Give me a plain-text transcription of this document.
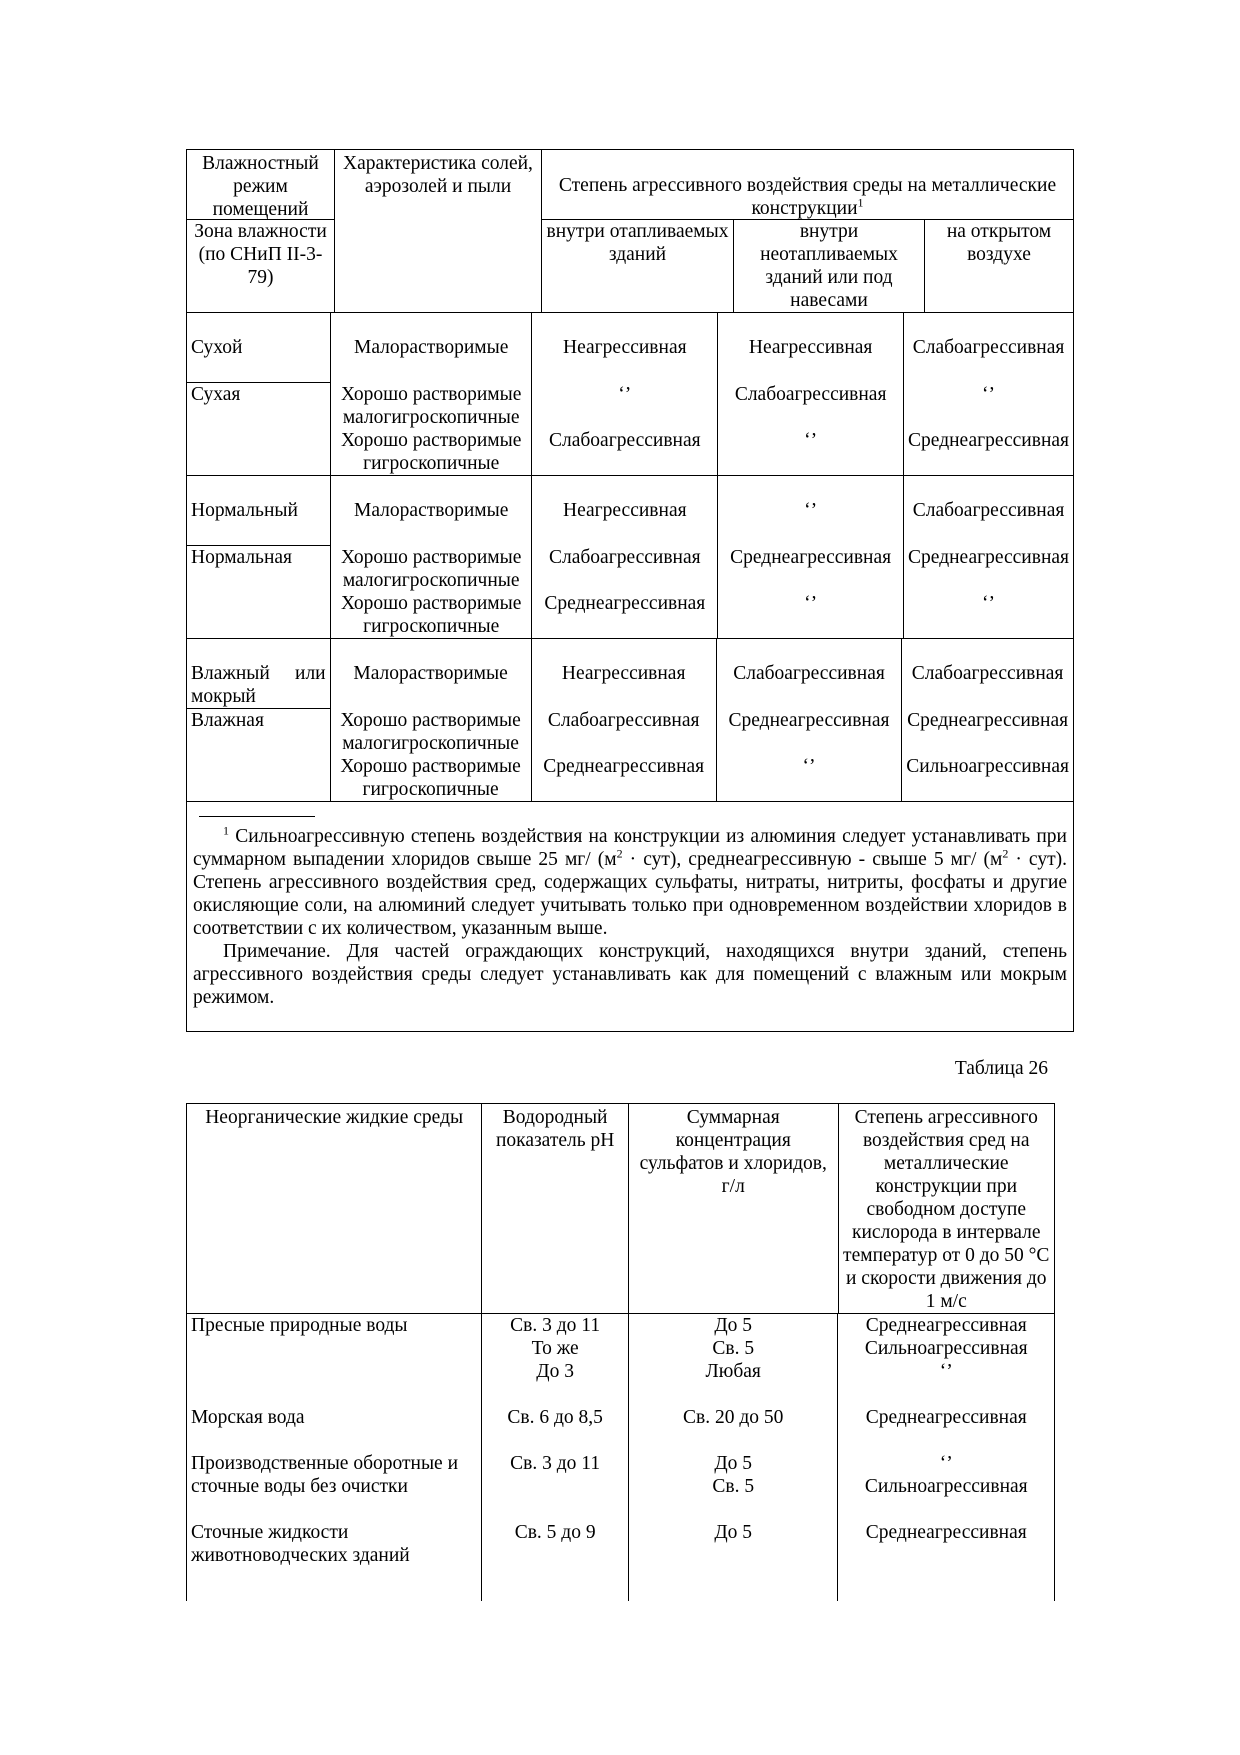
Влажностный режим помещений
Зона влажности (по СНиП II-3-79)
Характеристика солей, аэрозолей и пыли	Степень агрессивного воздействия среды на металлические конструкции$^1$
внутри отапливаемых зданий
внутри неотапливаемых зданий или под навесами
на открытом воздухе
Сухой
Сухая
Малорастворимые
Хорошо растворимые малогигроскопичные
Хорошо растворимые гигроскопичные
Неагрессивная
‘’
Слабоагрессивная
Неагрессивная
Слабоагрессивная
‘’
Слабоагрессивная
‘’
Среднеагрессивная
Нормальный
Нормальная
Малорастворимые
Хорошо растворимые малогигроскопичные
Хорошо растворимые гигроскопичные
Неагрессивная
Слабоагрессивная
Среднеагрессивная
‘’
Среднеагрессивная
‘’
Слабоагрессивная
Среднеагрессивная
‘’
Влажный или мокрый
Влажная
Малорастворимые
Хорошо растворимые малогигроскопичные
Хорошо растворимые гигроскопичные
Неагрессивная
Слабоагрессивная
Среднеагрессивная
Слабоагрессивная
Среднеагрессивная
‘’
Слабоагрессивная
Среднеагрессивная
Сильноагрессивная

$^1$ Сильноагрессивную степень воздействия на конструкции из алюминия следует устанавливать при суммарном выпадении хлоридов свыше 25 мг/ $(м^2 \cdot сут)$, среднеагрессивную - свыше 5 мг/ $(м^2 \cdot сут)$. Степень агрессивного воздействия сред, содержащих сульфаты, нитраты, нитриты, фосфаты и другие окисляющие соли, на алюминий следует учитывать только при одновременном воздействии хлоридов в соответствии с их количеством, указанным выше.

Примечание. Для частей ограждающих конструкций, находящихся внутри зданий, степень агрессивного воздействия среды следует устанавливать как для помещений с влажным или мокрым режимом.

Таблица 26
Неорганические жидкие среды	Водородный показатель pH
Суммарная концентрация сульфатов и хлоридов, г/л
Степень агрессивного воздействия сред на металлические конструкции при свободном доступе кислорода в интервале температур от 0 до 50 °С и скорости движения до 1 м/с
Пресные природные воды
Морская вода
Производственные оборотные и сточные воды без очистки
Сточные жидкости животноводческих зданий
Св. 3 до 11
То же
До 3
Св. 6 до 8,5
Св. 3 до 11
Св. 5 до 9
До 5
Св. 5
Любая
Св. 20 до 50
До 5
Св. 5
До 5
Среднеагрессивная
Сильноагрессивная
‘’
Среднеагрессивная
‘’
Сильноагрессивная
Среднеагрессивная
